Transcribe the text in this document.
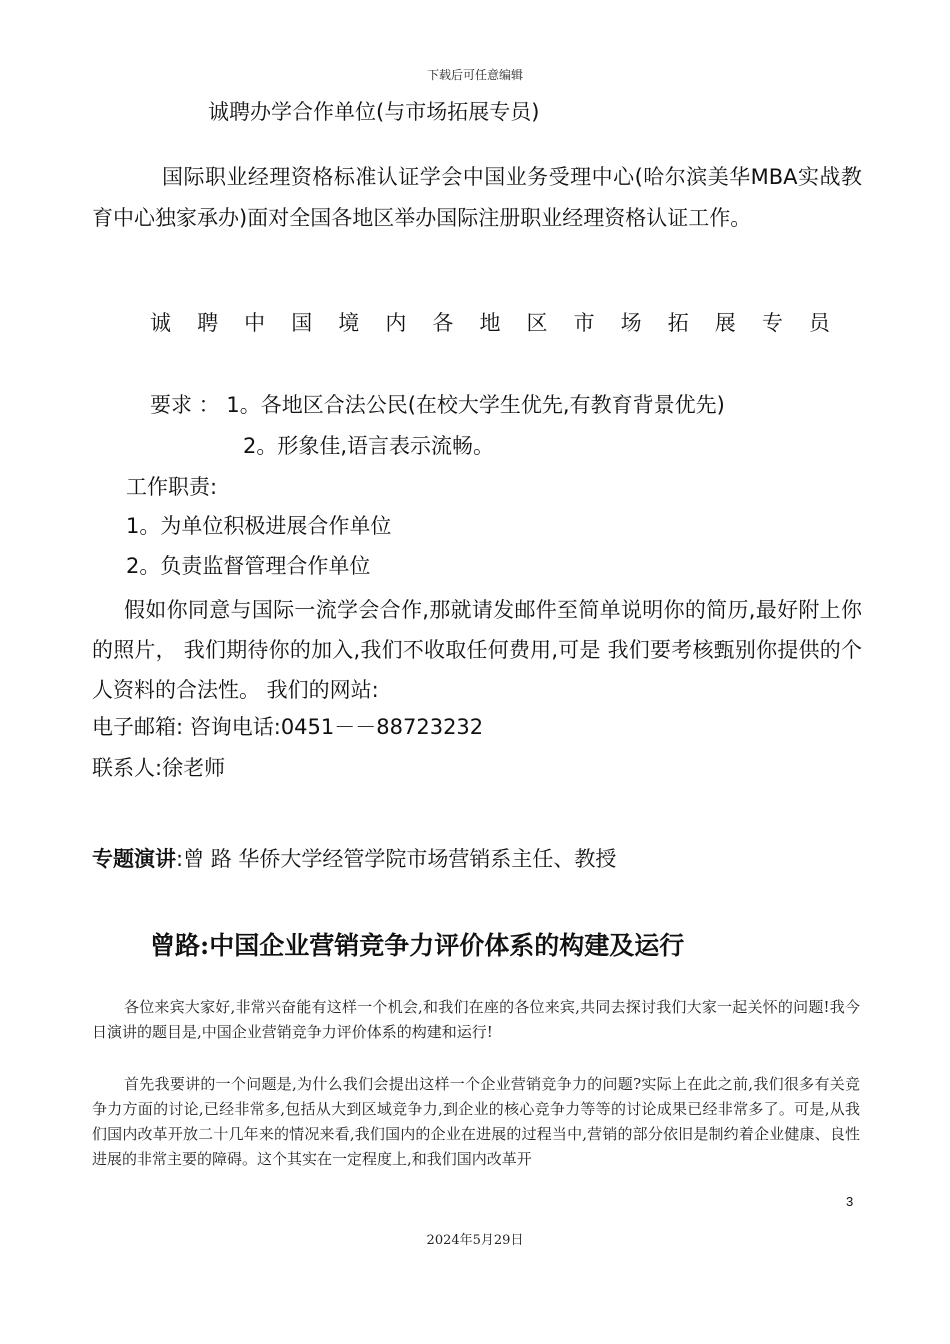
下载后可任意编辑
诚聘办学合作单位(与市场拓展专员)
国际职业经理资格标准认证学会中国业务受理中心(哈尔滨美华MBA实战教育中心独家承办)面对全国各地区举办国际注册职业经理资格认证工作。
诚 聘 中 国 境 内 各 地 区 市 场 拓 展 专 员
要求 ： 1。各地区合法公民(在校大学生优先,有教育背景优先)
2。形象佳,语言表示流畅。
工作职责:
1。为单位积极进展合作单位
2。负责监督管理合作单位
假如你同意与国际一流学会合作,那就请发邮件至简单说明你的简历,最好附上你的照片， 我们期待你的加入,我们不收取任何费用,可是 我们要考核甄别你提供的个人资料的合法性。 我们的网站:
电子邮箱: 咨询电话:0451－－88723232
联系人:徐老师
专题演讲:曾 路 华侨大学经管学院市场营销系主任、教授
曾路:中国企业营销竞争力评价体系的构建及运行
各位来宾大家好,非常兴奋能有这样一个机会,和我们在座的各位来宾,共同去探讨我们大家一起关怀的问题!我今日演讲的题目是,中国企业营销竞争力评价体系的构建和运行!
首先我要讲的一个问题是,为什么我们会提出这样一个企业营销竞争力的问题?实际上在此之前,我们很多有关竞争力方面的讨论,已经非常多,包括从大到区域竞争力,到企业的核心竞争力等等的讨论成果已经非常多了。可是,从我们国内改革开放二十几年来的情况来看,我们国内的企业在进展的过程当中,营销的部分依旧是制约着企业健康、良性进展的非常主要的障碍。这个其实在一定程度上,和我们国内改革开
3
2024年5月29日
